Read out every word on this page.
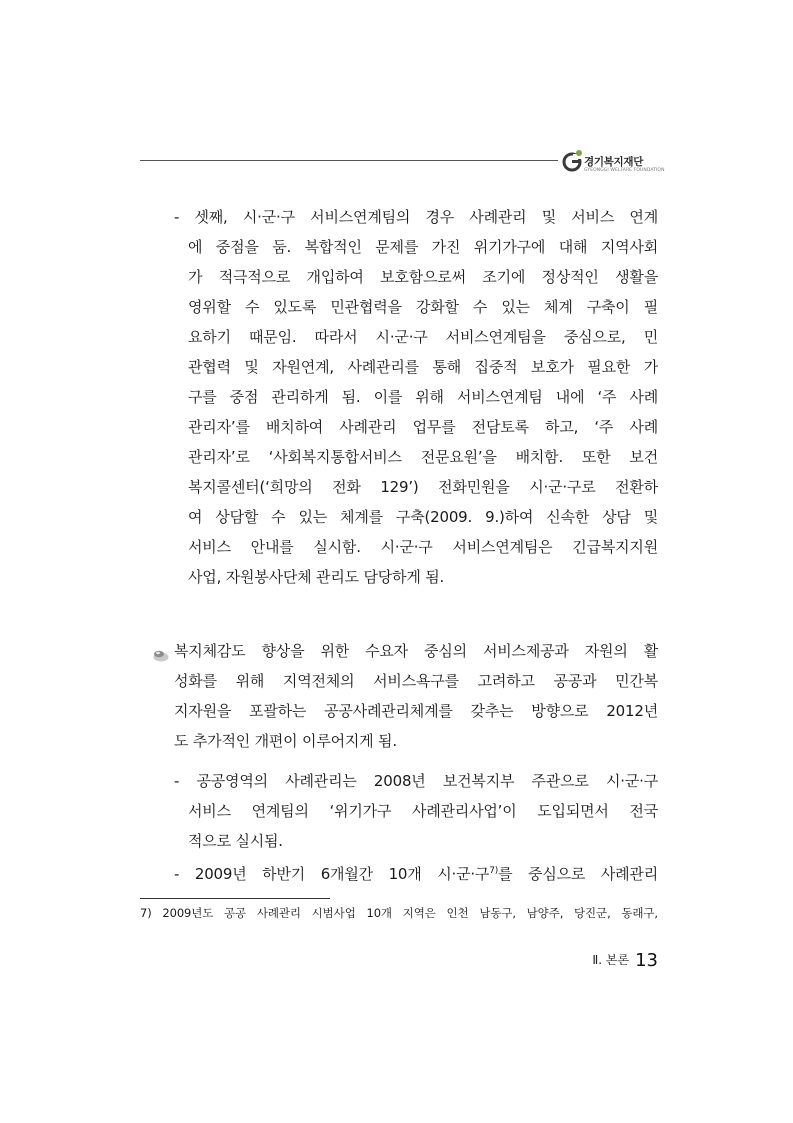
경기복지재단
GYEONGGI WELFARE FOUNDATION
- 셋째, 시·군·구 서비스연계팀의 경우 사례관리 및 서비스 연계
에 중점을 둠. 복합적인 문제를 가진 위기가구에 대해 지역사회
가 적극적으로 개입하여 보호함으로써 조기에 정상적인 생활을
영위할 수 있도록 민관협력을 강화할 수 있는 체계 구축이 필
요하기 때문임. 따라서 시·군·구 서비스연계팀을 중심으로, 민
관협력 및 자원연계, 사례관리를 통해 집중적 보호가 필요한 가
구를 중점 관리하게 됨. 이를 위해 서비스연계팀 내에 ‘주 사례
관리자’를 배치하여 사례관리 업무를 전담토록 하고, ‘주 사례
관리자’로 ‘사회복지통합서비스 전문요원’을 배치함. 또한 보건
복지콜센터(‘희망의 전화 129’) 전화민원을 시·군·구로 전환하
여 상담할 수 있는 체계를 구축(2009. 9.)하여 신속한 상담 및
서비스 안내를 실시함. 시·군·구 서비스연계팀은 긴급복지지원
사업, 자원봉사단체 관리도 담당하게 됨.
복지체감도 향상을 위한 수요자 중심의 서비스제공과 자원의 활
성화를 위해 지역전체의 서비스욕구를 고려하고 공공과 민간복
지자원을 포괄하는 공공사례관리체계를 갖추는 방향으로 2012년
도 추가적인 개편이 이루어지게 됨.
- 공공영역의 사례관리는 2008년 보건복지부 주관으로 시·군·구
서비스 연계팀의 ‘위기가구 사례관리사업’이 도입되면서 전국
적으로 실시됨.
- 2009년 하반기 6개월간 10개 시·군·구$^{7)}$를 중심으로 사례관리
7) 2009년도 공공 사례관리 시범사업 10개 지역은 인천 남동구, 남양주, 당진군, 동래구,
Ⅱ. 본론 13
